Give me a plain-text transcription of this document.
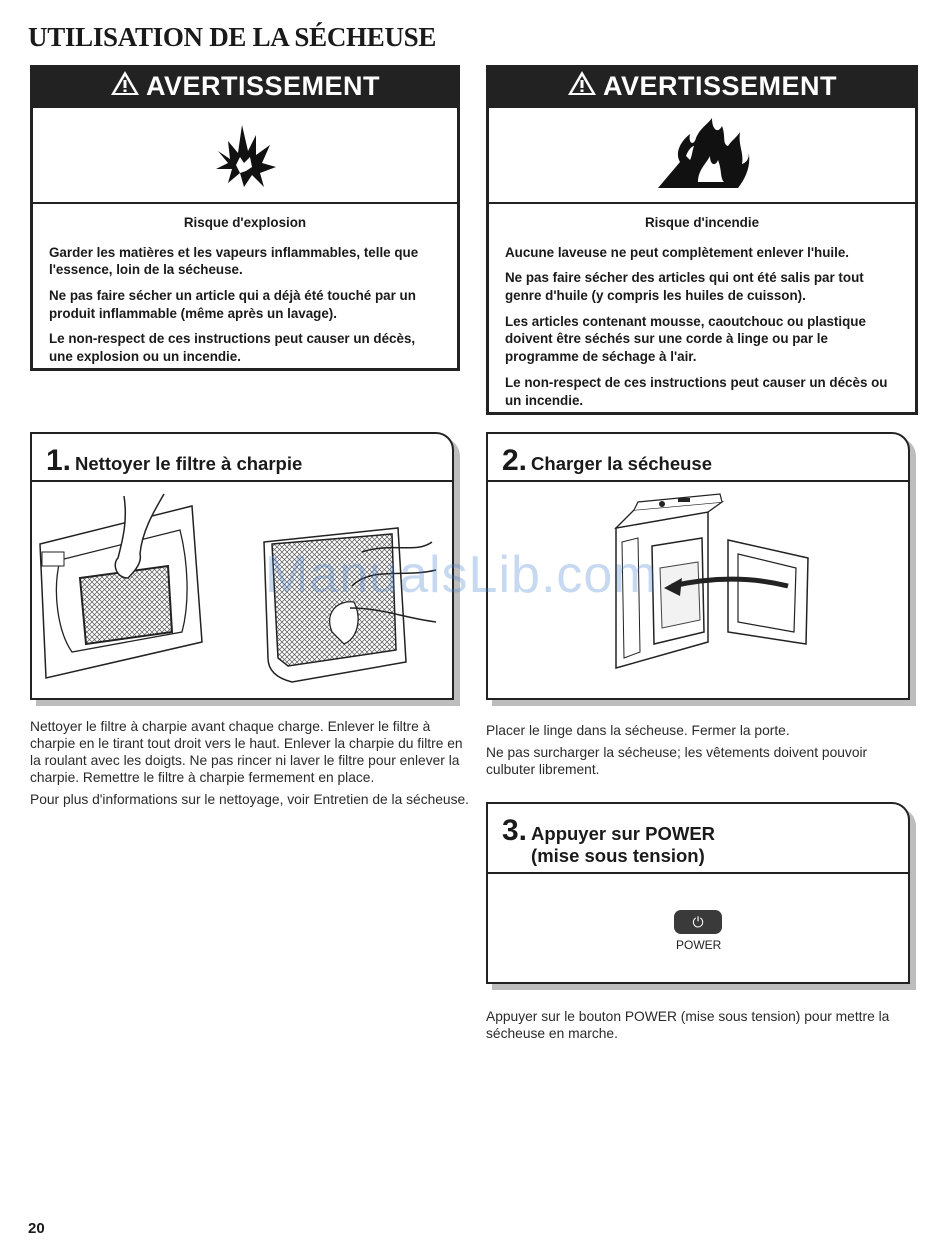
UTILISATION DE LA SÉCHEUSE
AVERTISSEMENT

Risque d'explosion

Garder les matières et les vapeurs inflammables, telle que l'essence, loin de la sécheuse.

Ne pas faire sécher un article qui a déjà été touché par un produit inflammable (même après un lavage).

Le non-respect de ces instructions peut causer un décès, une explosion ou un incendie.

AVERTISSEMENT

Risque d'incendie

Aucune laveuse ne peut complètement enlever l'huile.

Ne pas faire sécher des articles qui ont été salis par tout genre d'huile (y compris les huiles de cuisson).

Les articles contenant mousse, caoutchouc ou plastique doivent être séchés sur une corde à linge ou par le programme de séchage à l'air.

Le non-respect de ces instructions peut causer un décès ou un incendie.

1. Nettoyer le filtre à charpie

Nettoyer le filtre à charpie avant chaque charge. Enlever le filtre à charpie en le tirant tout droit vers le haut. Enlever la charpie du filtre en la roulant avec les doigts. Ne pas rincer ni laver le filtre pour enlever la charpie. Remettre le filtre à charpie fermement en place.

Pour plus d'informations sur le nettoyage, voir Entretien de la sécheuse.

2. Charger la sécheuse

Placer le linge dans la sécheuse. Fermer la porte.

Ne pas surcharger la sécheuse; les vêtements doivent pouvoir culbuter librement.

3. Appuyer sur POWER
(mise sous tension)
⏻
POWER

Appuyer sur le bouton POWER (mise sous tension) pour mettre la sécheuse en marche.

ManualsLib.com
20
